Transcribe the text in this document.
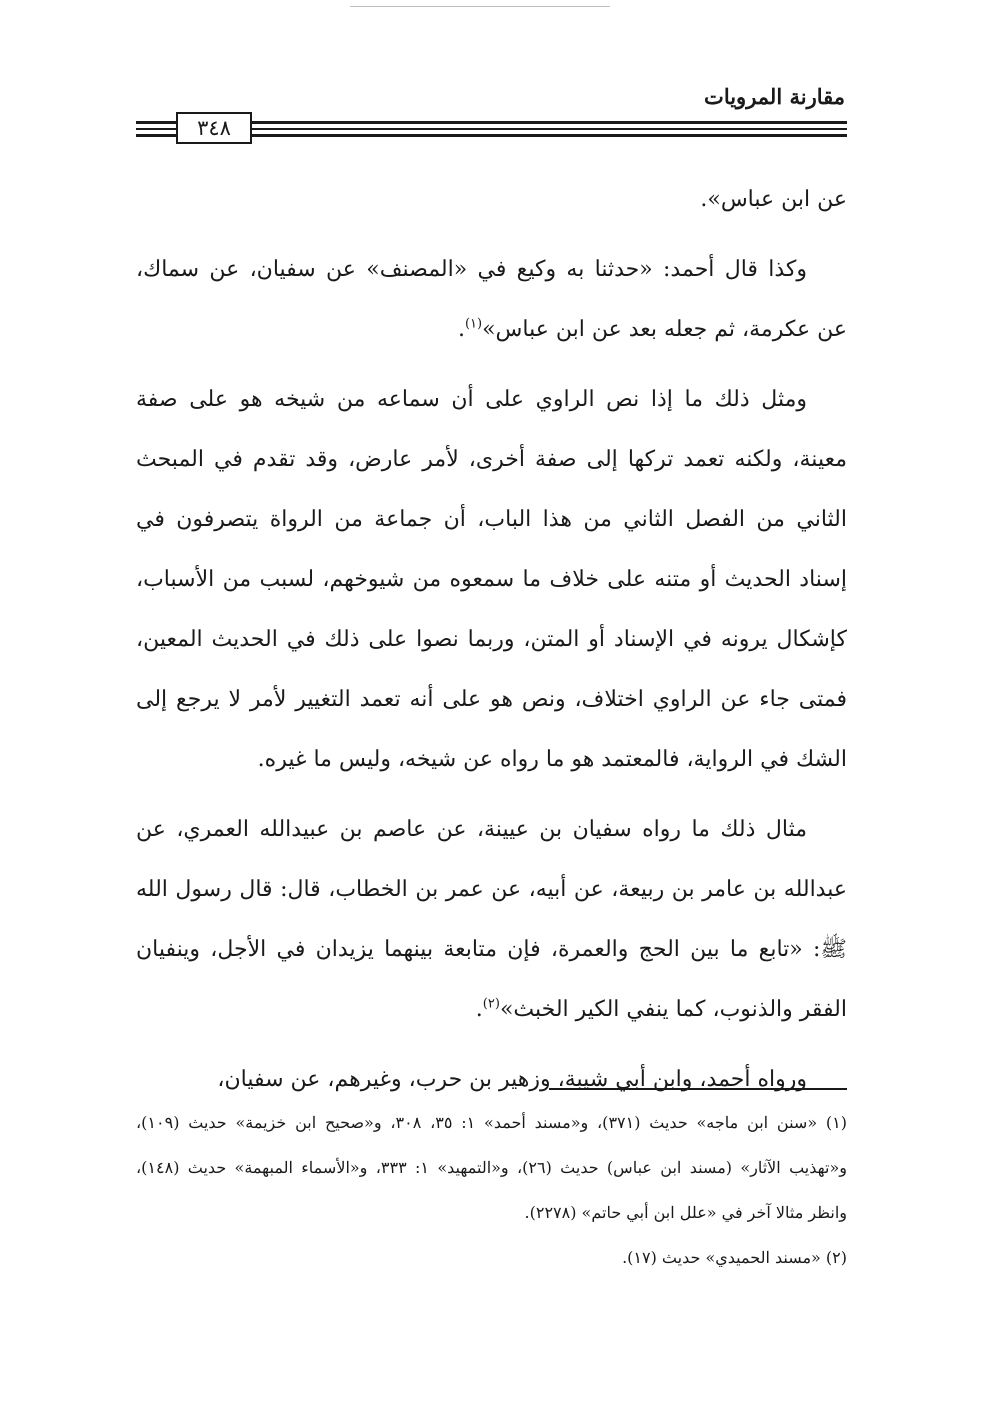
مقارنة المرويات
٣٤٨

عن ابن عباس».

وكذا قال أحمد: «حدثنا به وكيع في «المصنف» عن سفيان، عن سماك، عن عكرمة، ثم جعله بعد عن ابن عباس»$^{(١)}$.

ومثل ذلك ما إذا نص الراوي على أن سماعه من شيخه هو على صفة معينة، ولكنه تعمد تركها إلى صفة أخرى، لأمر عارض، وقد تقدم في المبحث الثاني من الفصل الثاني من هذا الباب، أن جماعة من الرواة يتصرفون في إسناد الحديث أو متنه على خلاف ما سمعوه من شيوخهم، لسبب من الأسباب، كإشكال يرونه في الإسناد أو المتن، وربما نصوا على ذلك في الحديث المعين، فمتى جاء عن الراوي اختلاف، ونص هو على أنه تعمد التغيير لأمر لا يرجع إلى الشك في الرواية، فالمعتمد هو ما رواه عن شيخه، وليس ما غيره.

مثال ذلك ما رواه سفيان بن عيينة، عن عاصم بن عبيدالله العمري، عن عبدالله بن عامر بن ربيعة، عن أبيه، عن عمر بن الخطاب، قال: قال رسول الله ﷺ: «تابع ما بين الحج والعمرة، فإن متابعة بينهما يزيدان في الأجل، وينفيان الفقر والذنوب، كما ينفي الكير الخبث»$^{(٢)}$.

ورواه أحمد، وابن أبي شيبة، وزهير بن حرب، وغيرهم، عن سفيان،

(١) «سنن ابن ماجه» حديث (٣٧١)، و«مسند أحمد» ١: ٣٥، ٣٠٨، و«صحيح ابن خزيمة» حديث (١٠٩)، و«تهذيب الآثار» (مسند ابن عباس) حديث (٢٦)، و«التمهيد» ١: ٣٣٣، و«الأسماء المبهمة» حديث (١٤٨)، وانظر مثالا آخر في «علل ابن أبي حاتم» (٢٢٧٨).

(٢) «مسند الحميدي» حديث (١٧).
